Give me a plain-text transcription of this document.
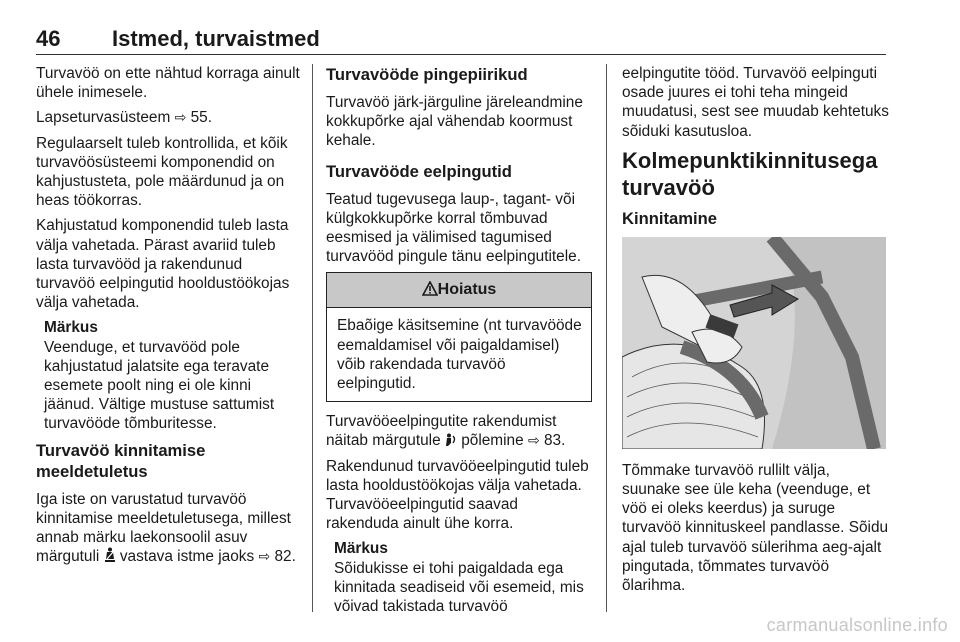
46 Istmed, turvaistmed

Turvavöö on ette nähtud korraga ainult ühele inimesele.

Lapseturvasüsteem ⇨ 55.

Regulaarselt tuleb kontrollida, et kõik turvavöösüsteemi komponendid on kahjustusteta, pole määrdunud ja on heas töökorras.

Kahjustatud komponendid tuleb lasta välja vahetada. Pärast avariid tuleb lasta turvavööd ja rakendunud turvavöö eelpingutid hooldustöökojas välja vahetada.

Märkus
Veenduge, et turvavööd pole kahjustatud jalatsite ega teravate esemete poolt ning ei ole kinni jäänud. Vältige mustuse sattumist turvavööde tõmburitesse.
Turvavöö kinnitamise meeldetuletus

Iga iste on varustatud turvavöö kinnitamise meeldetuletusega, millest annab märku laekonsoolil asuv märgutuli  vastava istme jaoks ⇨ 82.

Turvavööde pingepiirikud

Turvavöö järk-järguline järeleandmine kokkupõrke ajal vähendab koormust kehale.

Turvavööde eelpingutid

Teatud tugevusega laup-, tagant- või külgkokkupõrke korral tõmbuvad eesmised ja välimised tagumised turvavööd pingule tänu eelpingutitele.

Hoiatus
Ebaõige käsitsemine (nt turvavööde eemaldamisel või paigaldamisel) võib rakendada turvavöö eelpingutid.

Turvavööeelpingutite rakendumist näitab märgutule  põlemine ⇨ 83.

Rakendunud turvavööeelpingutid tuleb lasta hooldustöökojas välja vahetada. Turvavööeelpingutid saavad rakenduda ainult ühe korra.

Märkus
Sõidukisse ei tohi paigaldada ega kinnitada seadiseid või esemeid, mis võivad takistada turvavöö

eelpingutite tööd. Turvavöö eelpinguti osade juures ei tohi teha mingeid muudatusi, sest see muudab kehtetuks sõiduki kasutusloa.

Kolmepunktikinnitusega turvavöö
Kinnitamine

Tõmmake turvavöö rullilt välja, suunake see üle keha (veenduge, et vöö ei oleks keerdus) ja suruge turvavöö kinnituskeel pandlasse. Sõidu ajal tuleb turvavöö sülerihma aeg-ajalt pingutada, tõmmates turvavöö õlarihma.

carmanualsonline.info
